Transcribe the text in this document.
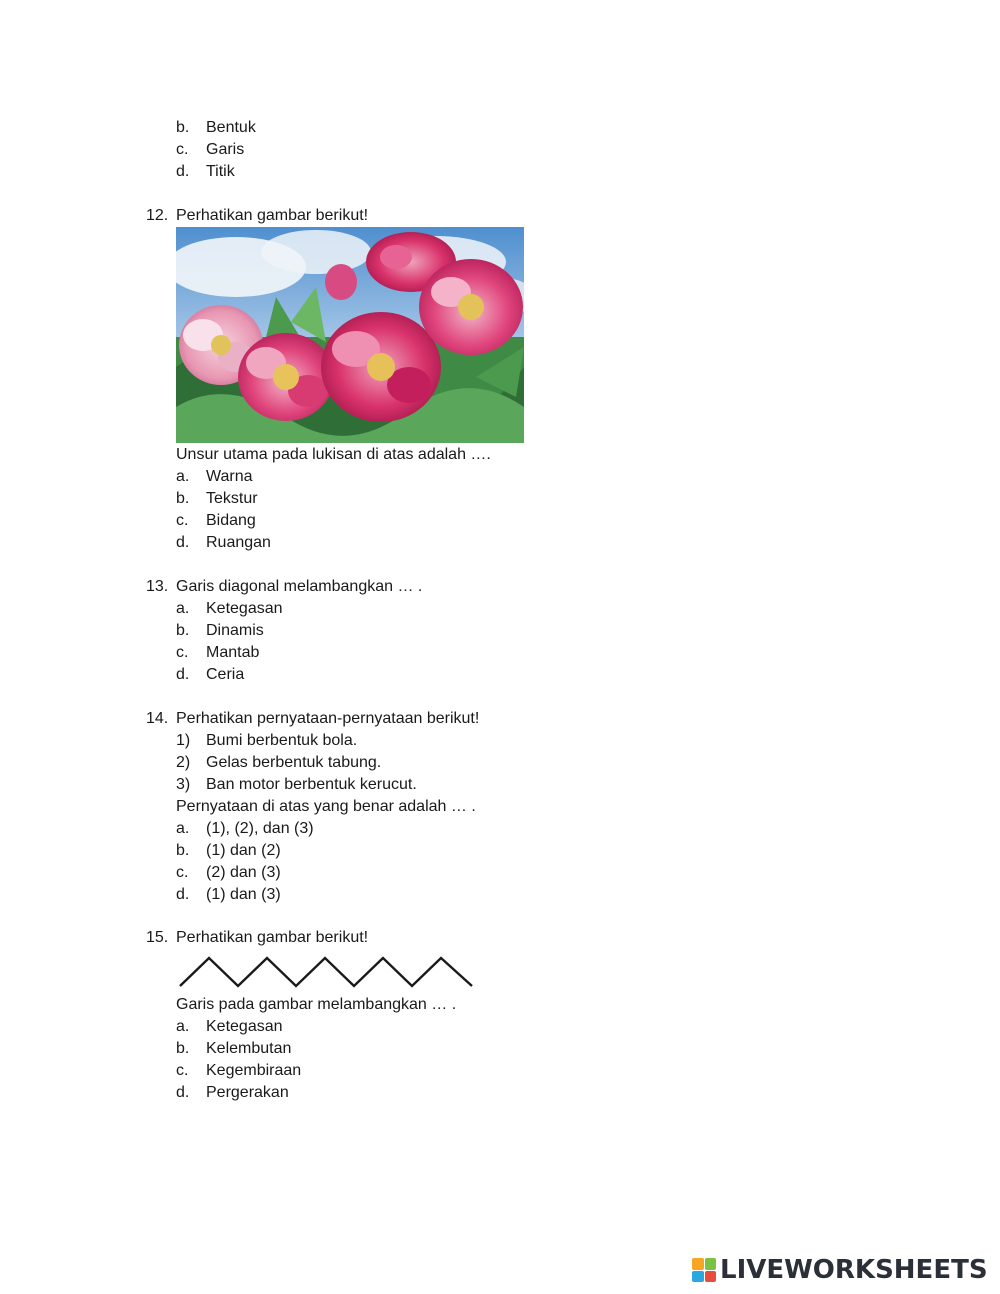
b. Bentuk
c. Garis
d. Titik
12. Perhatikan gambar berikut!
Unsur utama pada lukisan di atas adalah ….
a. Warna
b. Tekstur
c. Bidang
d. Ruangan
13. Garis diagonal melambangkan … .
a. Ketegasan
b. Dinamis
c. Mantab
d. Ceria
14. Perhatikan pernyataan-pernyataan berikut!
1) Bumi berbentuk bola.
2) Gelas berbentuk tabung.
3) Ban motor berbentuk kerucut.
Pernyataan di atas yang benar adalah … .
a. (1), (2), dan (3)
b. (1) dan (2)
c. (2) dan (3)
d. (1) dan (3)
15. Perhatikan gambar berikut!
Garis pada gambar melambangkan … .
a. Ketegasan
b. Kelembutan
c. Kegembiraan
d. Pergerakan
LIVEWORKSHEETS
